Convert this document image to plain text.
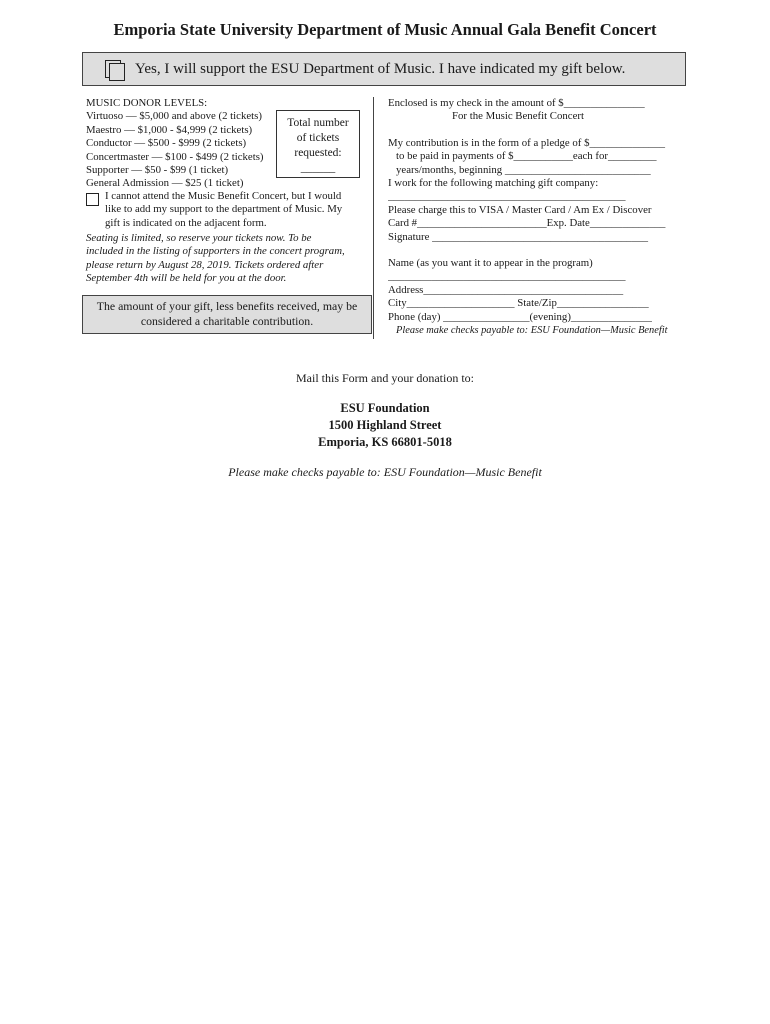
Emporia State University Department of Music Annual Gala Benefit Concert
Yes, I will support the ESU Department of Music. I have indicated my gift below.
MUSIC DONOR LEVELS:
Virtuoso — $5,000 and above (2 tickets)
Maestro — $1,000 - $4,999 (2 tickets)
Conductor — $500 - $999 (2 tickets)
Concertmaster — $100 - $499 (2 tickets)
Supporter — $50 - $99 (1 ticket)
General Admission — $25 (1 ticket)
Total number
of tickets
requested:
______
I cannot attend the Music Benefit Concert, but I would
like to add my support to the department of Music. My
gift is indicated on the adjacent form.
Seating is limited, so reserve your tickets now. To be
included in the listing of supporters in the concert program,
please return by August 28, 2019. Tickets ordered after
September 4th will be held for you at the door.
The amount of your gift, less benefits received, may be
considered a charitable contribution.
Enclosed is my check in the amount of $_______________
For the Music Benefit Concert
My contribution is in the form of a pledge of $______________
to be paid in payments of $___________each for_________
years/months, beginning ___________________________
I work for the following matching gift company:
____________________________________________
Please charge this to VISA / Master Card / Am Ex / Discover
Card #________________________Exp. Date______________
Signature ________________________________________
Name (as you want it to appear in the program)
____________________________________________
Address_____________________________________
City____________________ State/Zip_________________
Phone (day) ________________(evening)_______________
Please make checks payable to: ESU Foundation—Music Benefit
Mail this Form and your donation to:
ESU Foundation
1500 Highland Street
Emporia, KS 66801-5018
Please make checks payable to: ESU Foundation—Music Benefit
